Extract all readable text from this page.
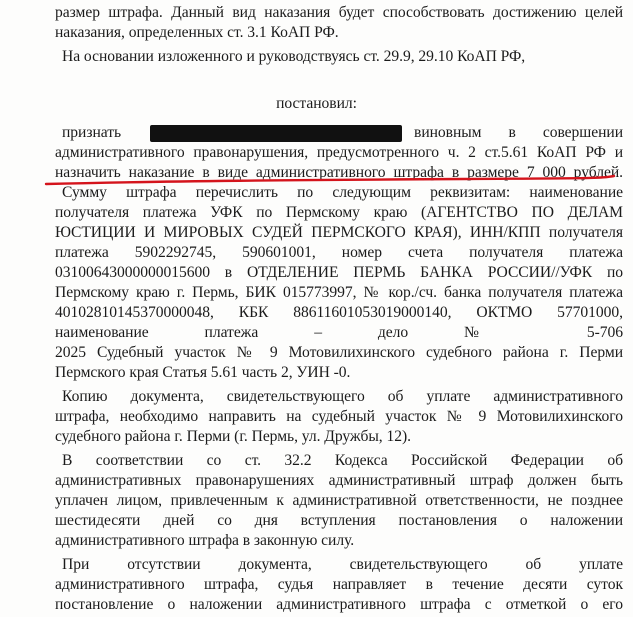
размер штрафа. Данный вид наказания будет способствовать достижению целей
наказания, определенных ст. 3.1 КоАП РФ.
На основании изложенного и руководствуясь ст. 29.9, 29.10 КоАП РФ,
постановил:
признать	виновным в совершении
административного правонарушения, предусмотренного ч. 2 ст.5.61 КоАП РФ и
назначить наказание в виде административного штрафа в размере 7 000 рублей.
Сумму штрафа перечислить по следующим реквизитам: наименование
получателя платежа УФК по Пермскому краю (АГЕНТСТВО ПО ДЕЛАМ
ЮСТИЦИИ И МИРОВЫХ СУДЕЙ ПЕРМСКОГО КРАЯ), ИНН/КПП получателя
платежа 5902292745, 590601001, номер счета получателя платежа
03100643000000015600 в ОТДЕЛЕНИЕ ПЕРМЬ БАНКА РОССИИ//УФК по
Пермскому краю г. Пермь, БИК 015773997, № кор./сч. банка получателя платежа
40102810145370000048, КБК 88611601053019000140, ОКТМО 57701000,
наименование платежа – дело № 5-706
2025 Судебный участок № 9 Мотовилихинского судебного района г. Перми
Пермского края Статья 5.61 часть 2, УИН -0.
Копию документа, свидетельствующего об уплате административного
штрафа, необходимо направить на судебный участок № 9 Мотовилихинского
судебного района г. Перми (г. Пермь, ул. Дружбы, 12).
В соответствии со ст. 32.2 Кодекса Российской Федерации об
административных правонарушениях административный штраф должен быть
уплачен лицом, привлеченным к административной ответственности, не позднее
шестидесяти дней со дня вступления постановления о наложении
административного штрафа в законную силу.
При отсутствии документа, свидетельствующего об уплате
административного штрафа, судья направляет в течение десяти суток
постановление о наложении административного штрафа с отметкой о его
